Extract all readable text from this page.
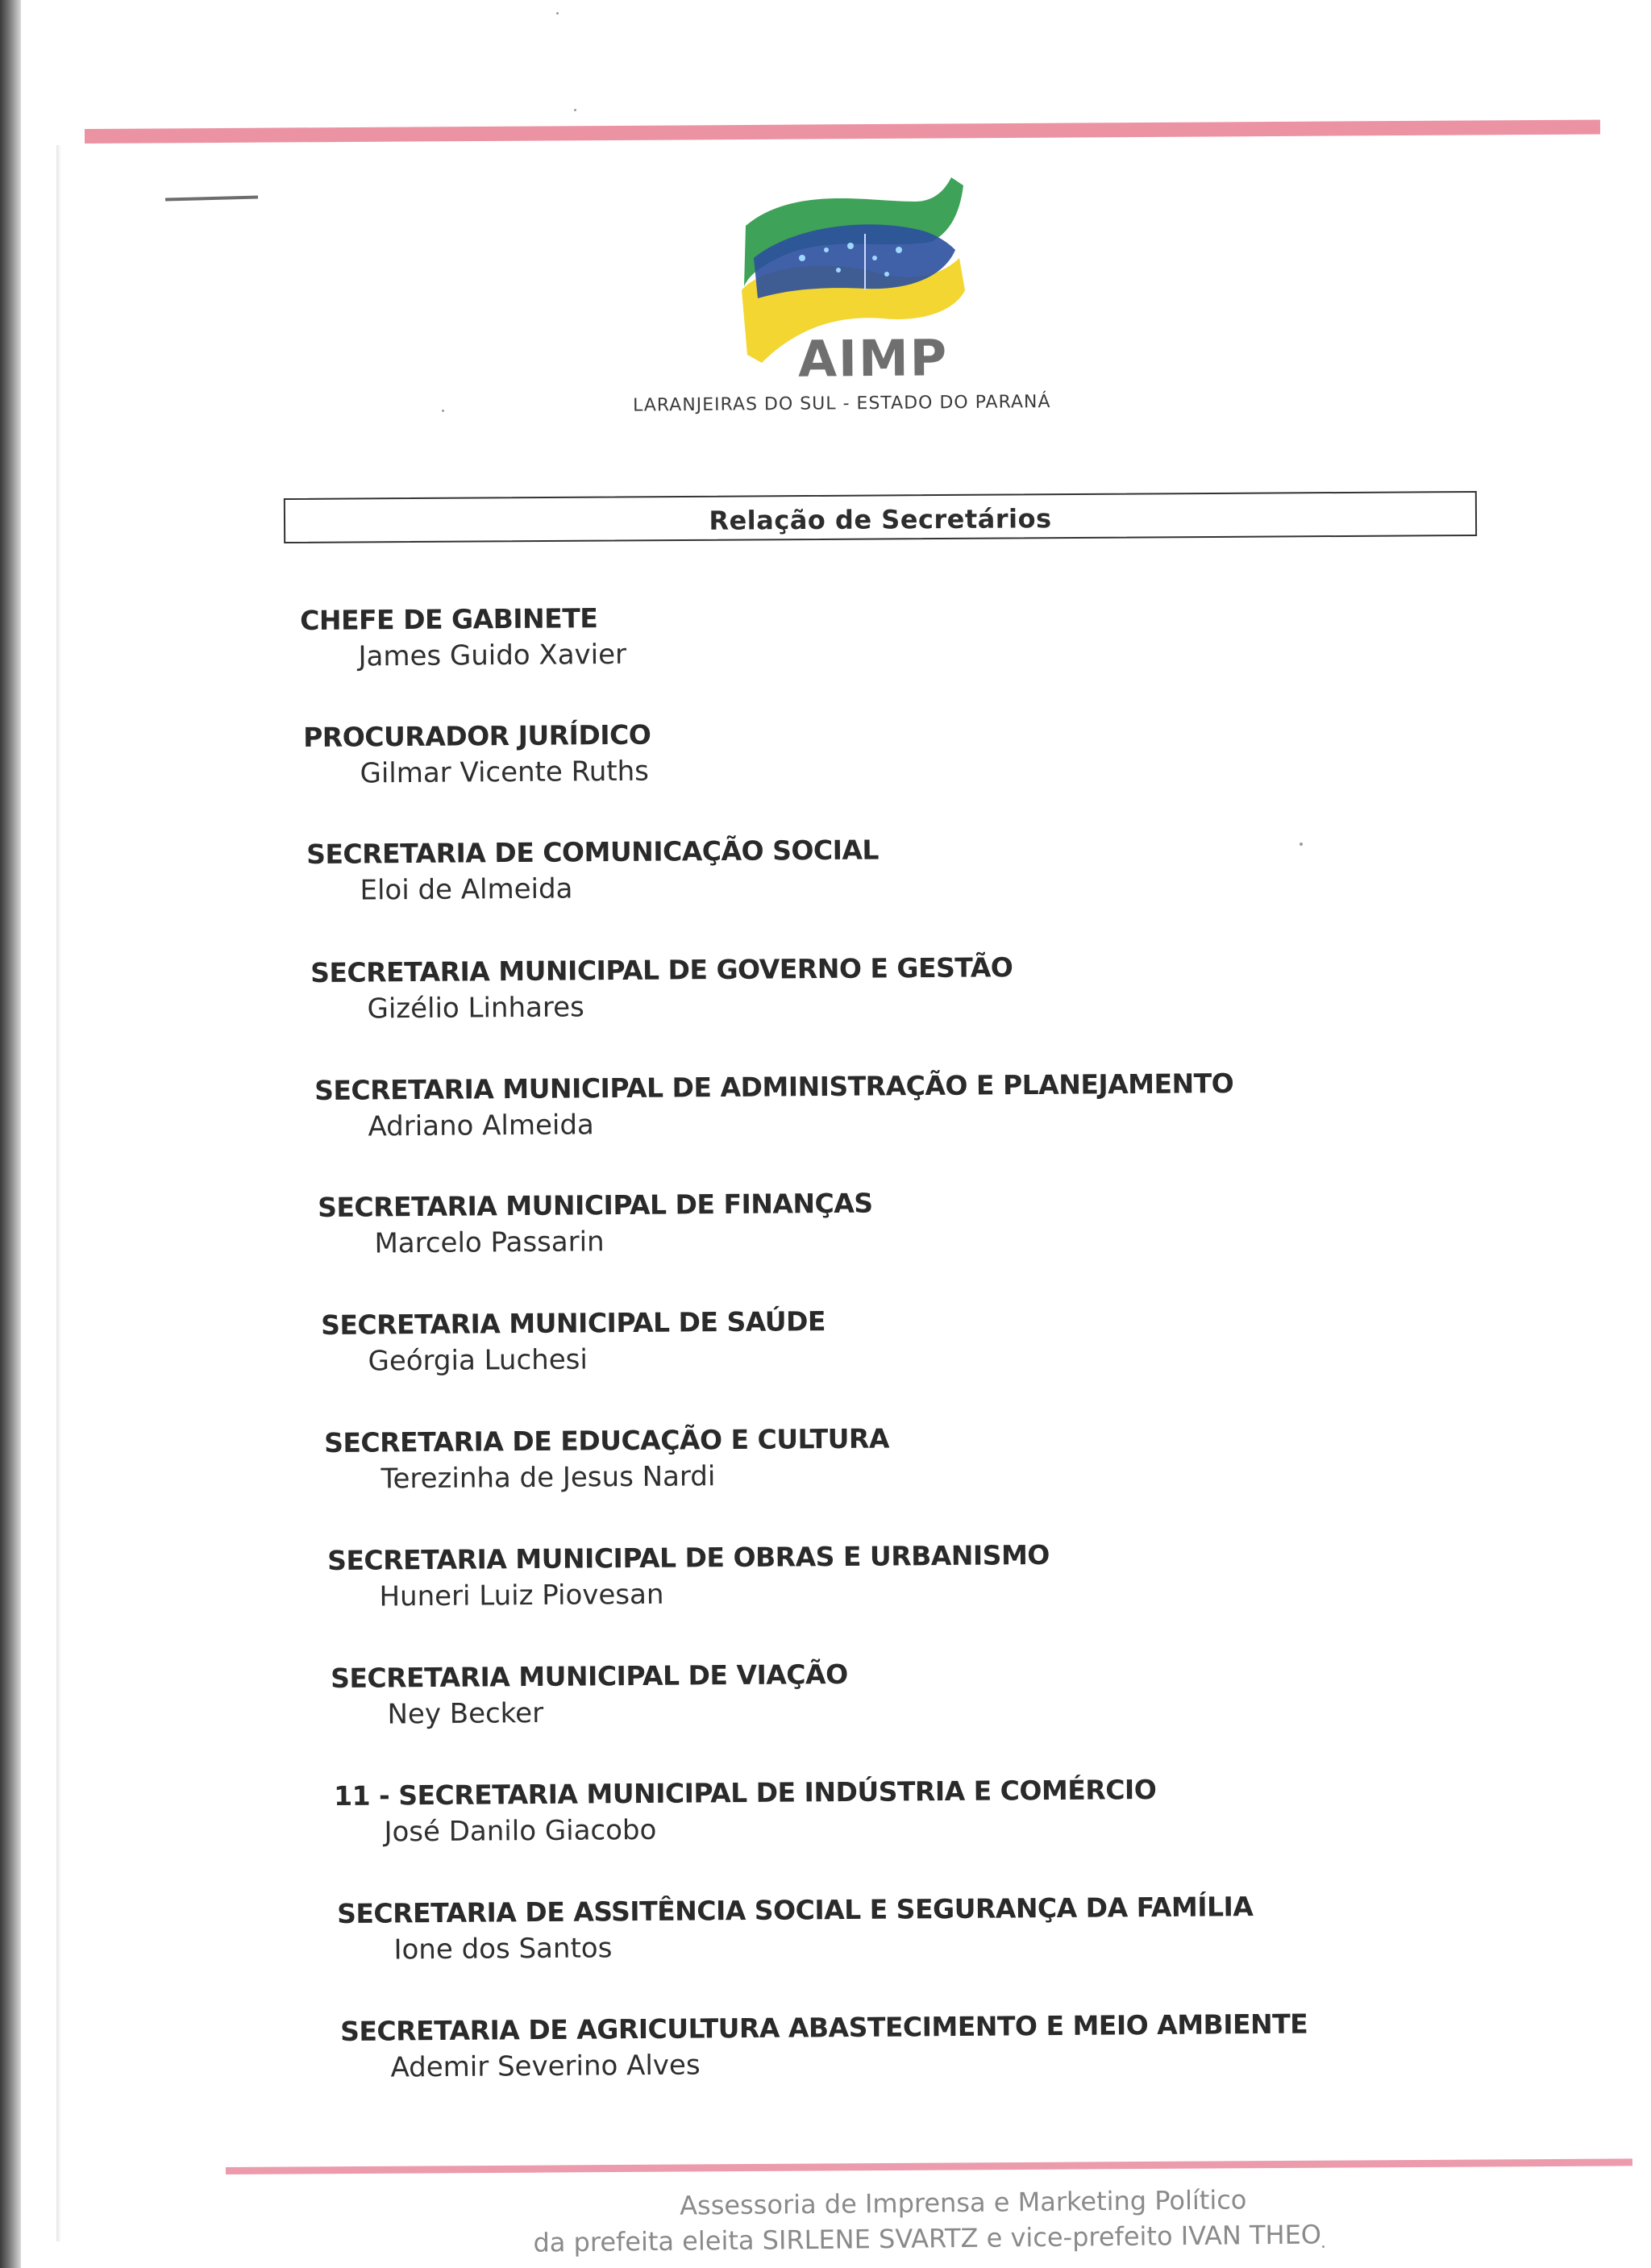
AIMP
LARANJEIRAS DO SUL - ESTADO DO PARANÁ
Relação de Secretários
CHEFE DE GABINETE
James Guido Xavier
PROCURADOR JURÍDICO
Gilmar Vicente Ruths
SECRETARIA DE COMUNICAÇÃO SOCIAL
Eloi de Almeida
SECRETARIA MUNICIPAL DE GOVERNO E GESTÃO
Gizélio Linhares
SECRETARIA MUNICIPAL DE ADMINISTRAÇÃO E PLANEJAMENTO
Adriano Almeida
SECRETARIA MUNICIPAL DE FINANÇAS
Marcelo Passarin
SECRETARIA MUNICIPAL DE SAÚDE
Geórgia Luchesi
SECRETARIA DE EDUCAÇÃO E CULTURA
Terezinha de Jesus Nardi
SECRETARIA MUNICIPAL DE OBRAS E URBANISMO
Huneri Luiz Piovesan
SECRETARIA MUNICIPAL DE VIAÇÃO
Ney Becker
11 - SECRETARIA MUNICIPAL DE INDÚSTRIA E COMÉRCIO
José Danilo Giacobo
SECRETARIA DE ASSITÊNCIA SOCIAL E SEGURANÇA DA FAMÍLIA
Ione dos Santos
SECRETARIA DE AGRICULTURA ABASTECIMENTO E MEIO AMBIENTE
Ademir Severino Alves
Assessoria de Imprensa e Marketing Político
da prefeita eleita SIRLENE SVARTZ e vice-prefeito IVAN THEO
